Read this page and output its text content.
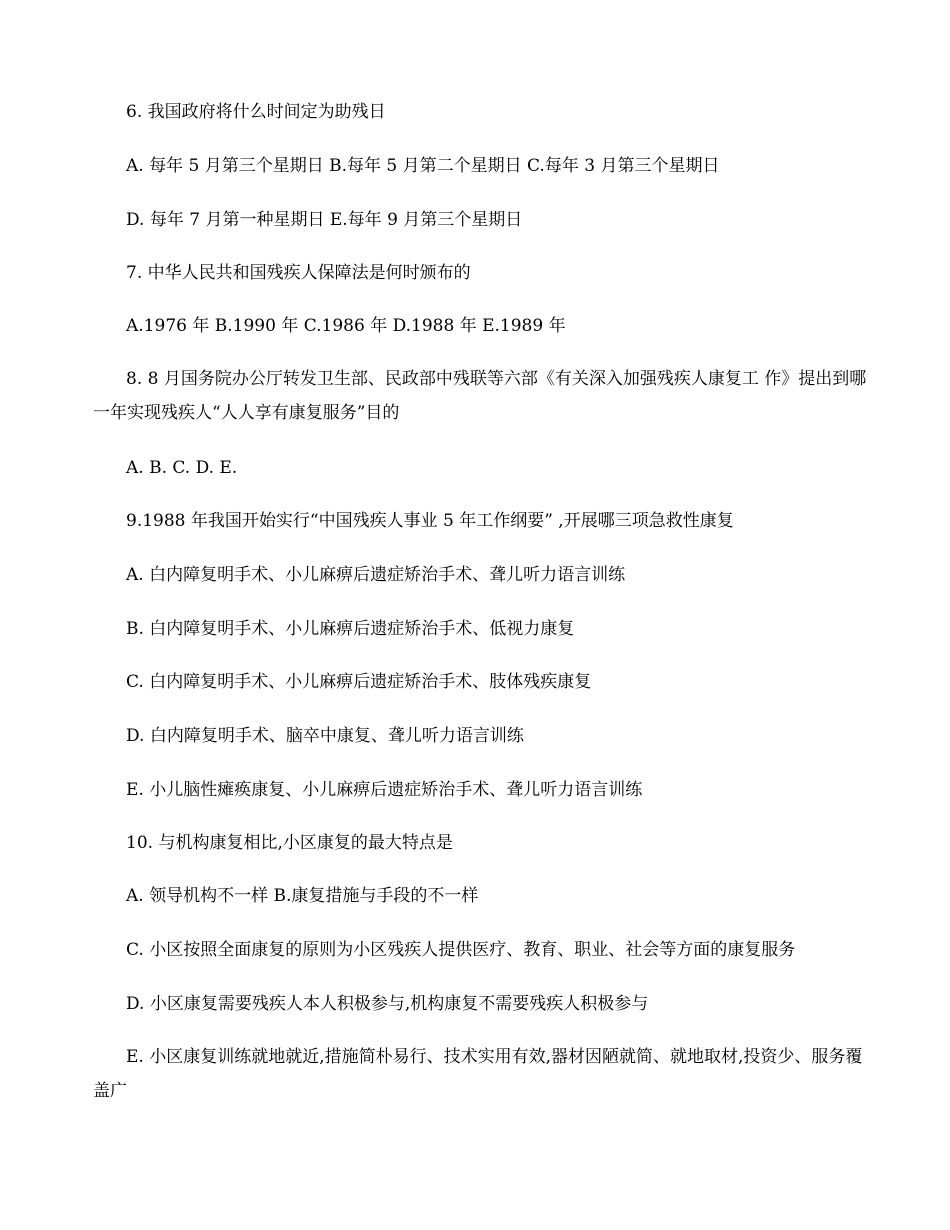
6. 我国政府将什么时间定为助残日

A. 每年 5 月第三个星期日 B.每年 5 月第二个星期日 C.每年 3 月第三个星期日

D. 每年 7 月第一种星期日 E.每年 9 月第三个星期日

7. 中华人民共和国残疾人保障法是何时颁布的

A.1976 年 B.1990 年 C.1986 年 D.1988 年 E.1989 年

8. 8 月国务院办公厅转发卫生部、民政部中残联等六部《有关深入加强残疾人康复工 作》提出到哪一年实现残疾人“人人享有康复服务”目的

A. B. C. D. E.

9.1988 年我国开始实行“中国残疾人事业 5 年工作纲要” ,开展哪三项急救性康复

A. 白内障复明手术、小儿麻痹后遗症矫治手术、聋儿听力语言训练

B. 白内障复明手术、小儿麻痹后遗症矫治手术、低视力康复

C. 白内障复明手术、小儿麻痹后遗症矫治手术、肢体残疾康复

D. 白内障复明手术、脑卒中康复、聋儿听力语言训练

E. 小儿脑性瘫痪康复、小儿麻痹后遗症矫治手术、聋儿听力语言训练

10. 与机构康复相比,小区康复的最大特点是

A. 领导机构不一样 B.康复措施与手段的不一样

C. 小区按照全面康复的原则为小区残疾人提供医疗、教育、职业、社会等方面的康复服务

D. 小区康复需要残疾人本人积极参与,机构康复不需要残疾人积极参与

E. 小区康复训练就地就近,措施简朴易行、技术实用有效,器材因陋就简、就地取材,投资少、服务覆盖广
